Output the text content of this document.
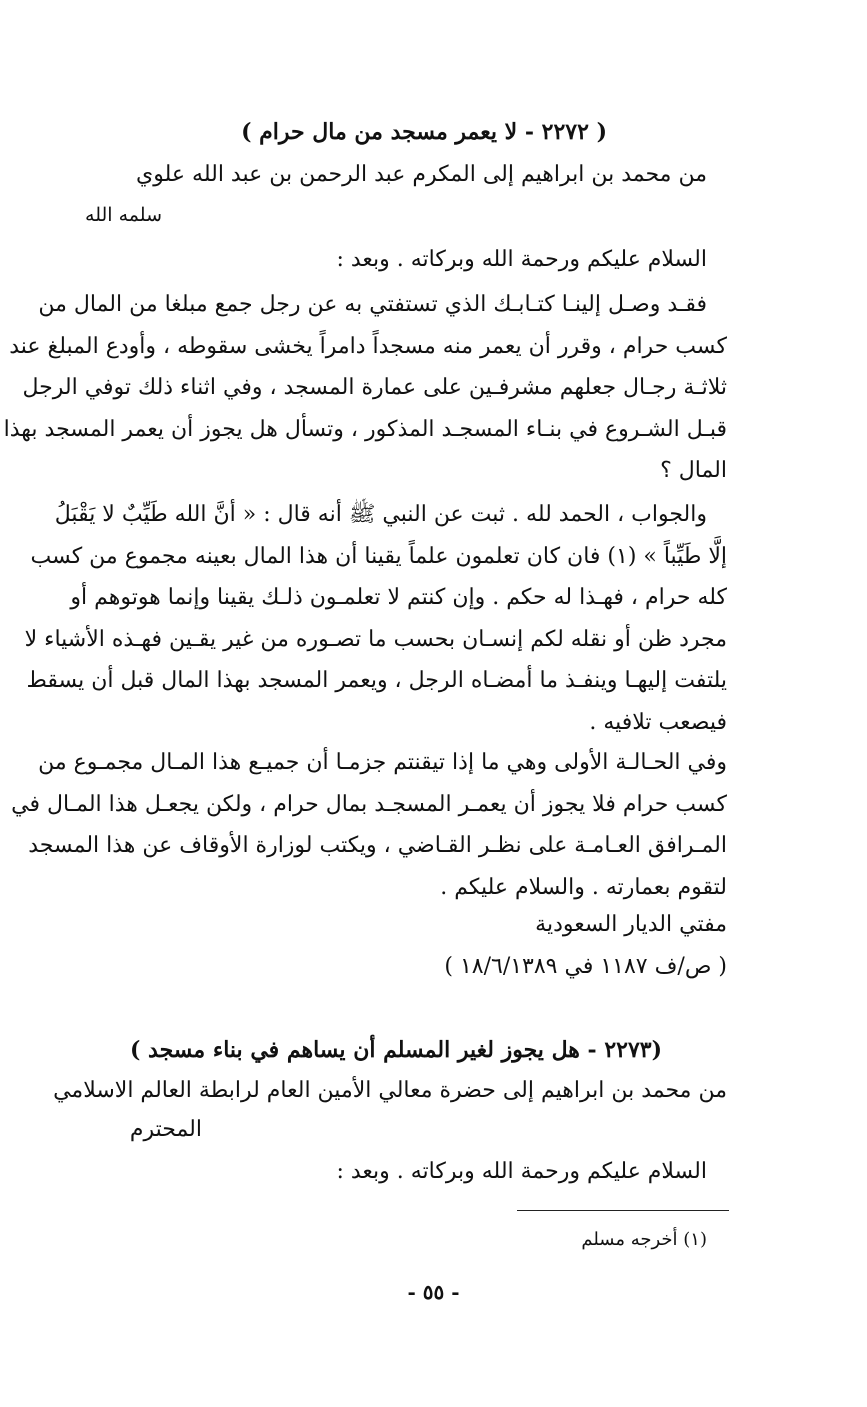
( ٢٢٧٢ - لا يعمر مسجد من مال حرام )
من محمد بن ابراهيم إلى المكرم عبد الرحمن بن عبد الله علوي
سلمه الله
السلام عليكم ورحمة الله وبركاته . وبعد :
فقـد وصـل إلينـا كتـابـك الذي تستفتي به عن رجل جمع مبلغا من المال من
كسب حرام ، وقرر أن يعمر منه مسجداً دامراً يخشى سقوطه ، وأودع المبلغ عند
ثلاثـة رجـال جعلهم مشرفـين على عمارة المسجد ، وفي اثناء ذلك توفي الرجل
قبـل الشـروع في بنـاء المسجـد المذكور ، وتسأل هل يجوز أن يعمر المسجد بهذا
المال ؟
والجواب ، الحمد لله . ثبت عن النبي ﷺ أنه قال : « أنَّ الله طَيِّبٌ لا يَقْبَلُ
إلَّا طَيِّباً » (١) فان كان تعلمون علماً يقينا أن هذا المال بعينه مجموع من كسب
كله حرام ، فهـذا له حكم . وإن كنتم لا تعلمـون ذلـك يقينا وإنما هوتوهم أو
مجرد ظن أو نقله لكم إنسـان بحسب ما تصـوره من غير يقـين فهـذه الأشياء لا
يلتفت إليهـا وينفـذ ما أمضـاه الرجل ، ويعمر المسجد بهذا المال قبل أن يسقط
فيصعب تلافيه .
وفي الحـالـة الأولى وهي ما إذا تيقنتم جزمـا أن جميـع هذا المـال مجمـوع من
كسب حرام فلا يجوز أن يعمـر المسجـد بمال حرام ، ولكن يجعـل هذا المـال في
المـرافق العـامـة على نظـر القـاضي ، ويكتب لوزارة الأوقاف عن هذا المسجد
لتقوم بعمارته . والسلام عليكم .
مفتي الديار السعودية
( ص/ف ١١٨٧ في ١٨/٦/١٣٨٩ )
(٢٢٧٣ - هل يجوز لغير المسلم أن يساهم في بناء مسجد )
من محمد بن ابراهيم إلى حضرة معالي الأمين العام لرابطة العالم الاسلامي
المحترم
السلام عليكم ورحمة الله وبركاته . وبعد :
(١) أخرجه مسلم
- ٥٥ -
